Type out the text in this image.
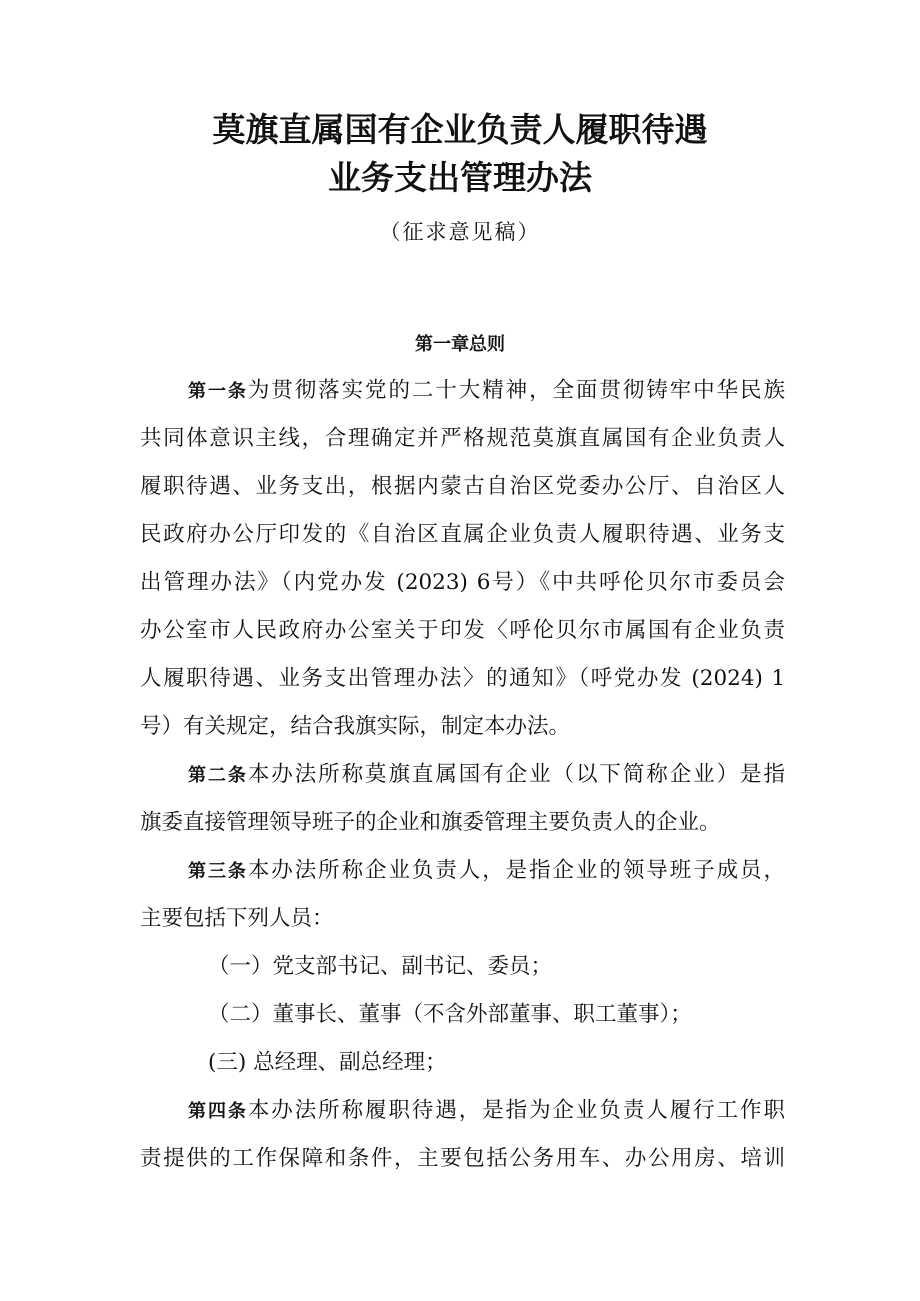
莫旗直属国有企业负责人履职待遇
业务支出管理办法
（征求意见稿）
第一章总则
第一条为贯彻落实党的二十大精神，全面贯彻铸牢中华民族
共同体意识主线，合理确定并严格规范莫旗直属国有企业负责人
履职待遇、业务支出，根据内蒙古自治区党委办公厅、自治区人
民政府办公厅印发的《自治区直属企业负责人履职待遇、业务支
出管理办法》（内党办发 (2023) 6号）《中共呼伦贝尔市委员会
办公室市人民政府办公室关于印发〈呼伦贝尔市属国有企业负责
人履职待遇、业务支出管理办法〉的通知》（呼党办发 (2024) 1
号）有关规定，结合我旗实际，制定本办法。
第二条本办法所称莫旗直属国有企业（以下简称企业）是指
旗委直接管理领导班子的企业和旗委管理主要负责人的企业。
第三条本办法所称企业负责人，是指企业的领导班子成员，
主要包括下列人员：
（一）党支部书记、副书记、委员；
（二）董事长、董事（不含外部董事、职工董事）；
(三) 总经理、副总经理；
第四条本办法所称履职待遇，是指为企业负责人履行工作职
责提供的工作保障和条件，主要包括公务用车、办公用房、培训
